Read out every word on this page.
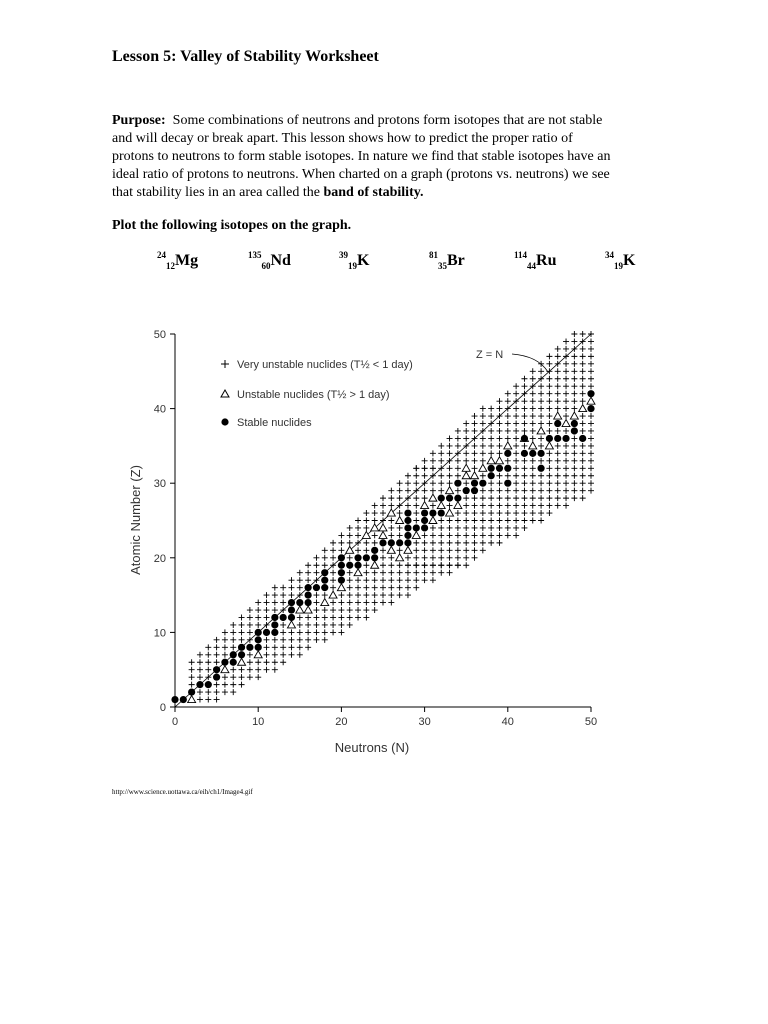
Lesson 5: Valley of Stability Worksheet
Purpose: Some combinations of neutrons and protons form isotopes that are not stable
and will decay or break apart. This lesson shows how to predict the proper ratio of
protons to neutrons to form stable isotopes. In nature we find that stable isotopes have an
ideal ratio of protons to neutrons. When charted on a graph (protons vs. neutrons) we see
that stability lies in an area called the band of stability.
Plot the following isotopes on the graph.
$^{24}_{12}$Mg	$^{135}_{60}$Nd	$^{39}_{19}$K	$^{81}_{35}$Br	$^{114}_{44}$Ru	$^{34}_{19}$K
0	10	20	30	40	50
0
10
20
30
40
50
Very unstable nuclides (T½ < 1 day)
Unstable nuclides (T½ > 1 day)
Stable nuclides
Neutrons (N)
Atomic Number (Z)
Z = N
http://www.science.uottawa.ca/eih/ch1/Image4.gif
